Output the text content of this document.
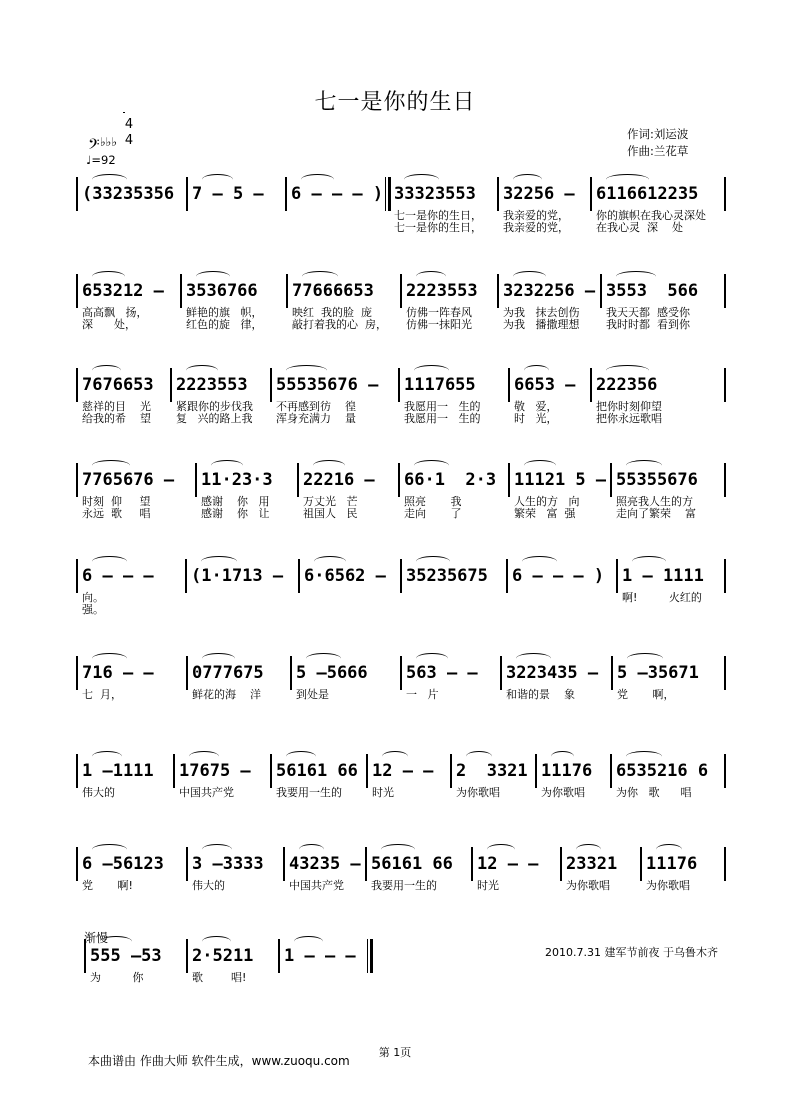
七一是你的生日
作词:刘运波
作曲:兰花草
𝄢 ♭♭♭
4
4
♩=92
(33235356	7 — 5 —	6 — — — ) 33323553
七一是你的生日，
七一是你的生日，
32256 —
我亲爱的党，
我亲爱的党，
6116612235
你的旗帜在我心灵深处
在我心灵  深    处
653212 —
高高飘   扬，
深      处，
3536766
鲜艳的旗   帜，
红色的旋   律，
77666653
映红  我的脸  庞
敲打着我的心  房，
2223553
仿佛一阵春风
仿佛一抹阳光
3232256 —
为我   抹去创伤
为我   播撒理想
3553  566
我天天都  感受你
我时时都  看到你
7676653
慈祥的目    光
给我的希    望
2223553
紧跟你的步伐我
复   兴的路上我
55535676 —
不再感到彷    徨
浑身充满力    量
1117655
我愿用一   生的
我愿用一   生的
6653 —
敬   爱，
时   光，
222356
把你时刻仰望
把你永远歌唱
7765676 —
时刻  仰     望
永远  歌     唱
11·23·3
感谢    你   用
感谢    你   让
22216 —
万丈光   芒
祖国人   民
66·1  2·3
照亮       我
走向       了
11121 5 —
人生的方   向
繁荣   富  强
55355676
照亮我人生的方
走向了繁荣    富
6 — — —
向。
强。
(1·1713 —	6·6562 —	35235675	6 — — — )	1 — 1111
啊!         火红的
716 — —
七  月，
0777675
鲜花的海    洋
5 —5666
到处是
563 — —
一   片
3223435 —
和谐的景    象
5 —35671
党       啊，
1 —1111
伟大的
17675 —
中国共产党
56161 66
我要用一生的
12 — —
时光
2  3321
为你歌唱
11176
为你歌唱
6535216 6
为你   歌      唱
6 —56123
党       啊!
3 —3333
伟大的
43235 —
中国共产党
56161 66
我要用一生的
12 — —
时光
23321
为你歌唱
11176
为你歌唱
555 —53
为         你
2·5211
歌        唱!
1 — — —
渐慢
2010.7.31 建军节前夜 于乌鲁木齐
第 1页
本曲谱由 作曲大师 软件生成，www.zuoqu.com
